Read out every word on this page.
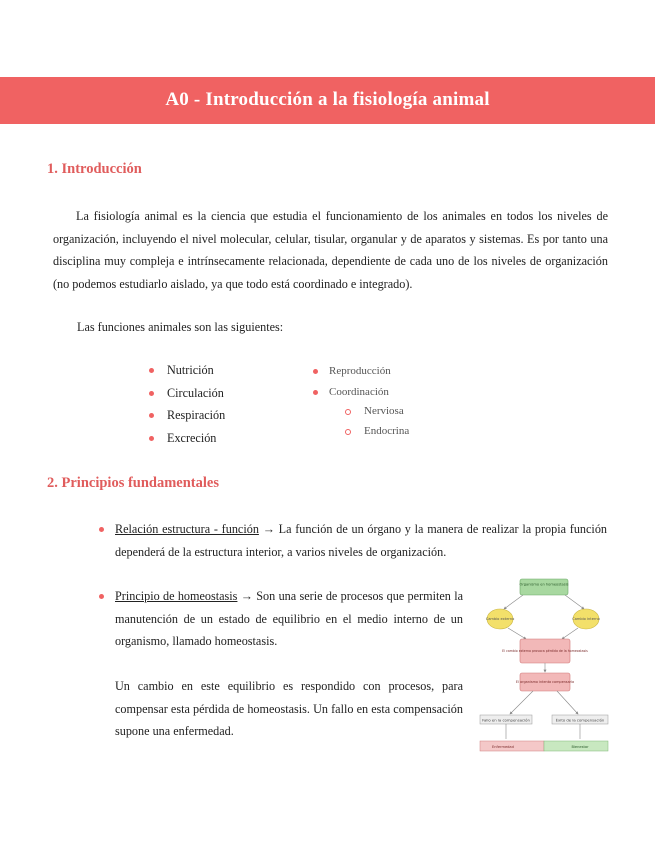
A0 - Introducción a la fisiología animal
1. Introducción

La fisiología animal es la ciencia que estudia el funcionamiento de los animales en todos los niveles de organización, incluyendo el nivel molecular, celular, tisular, organular y de aparatos y sistemas. Es por tanto una disciplina muy compleja e intrínsecamente relacionada, dependiente de cada uno de los niveles de organización (no podemos estudiarlo aislado, ya que todo está coordinado e integrado).

Las funciones animales son las siguientes:
Nutrición
Circulación
Respiración
Excreción
Reproducción
Coordinación
Nerviosa
Endocrina
2. Principios fundamentales
Relación estructura - función → La función de un órgano y la manera de realizar la propia función dependerá de la estructura interior, a varios niveles de organización.
Principio de homeostasis → Son una serie de procesos que permiten la manutención de un estado de equilibrio en el medio interno de un organismo, llamado homeostasis.
Un cambio en este equilibrio es respondido con procesos, para compensar esta pérdida de homeostasis. Un fallo en esta compensación supone una enfermedad.
Organismo en homeostasis
Cambio externo	Cambio interno
El cambio externo provoca pérdida de la homeostasis
El organismo intenta compensarla
Fallo en la compensación	Éxito de la compensación
Enfermedad	Bienestar
